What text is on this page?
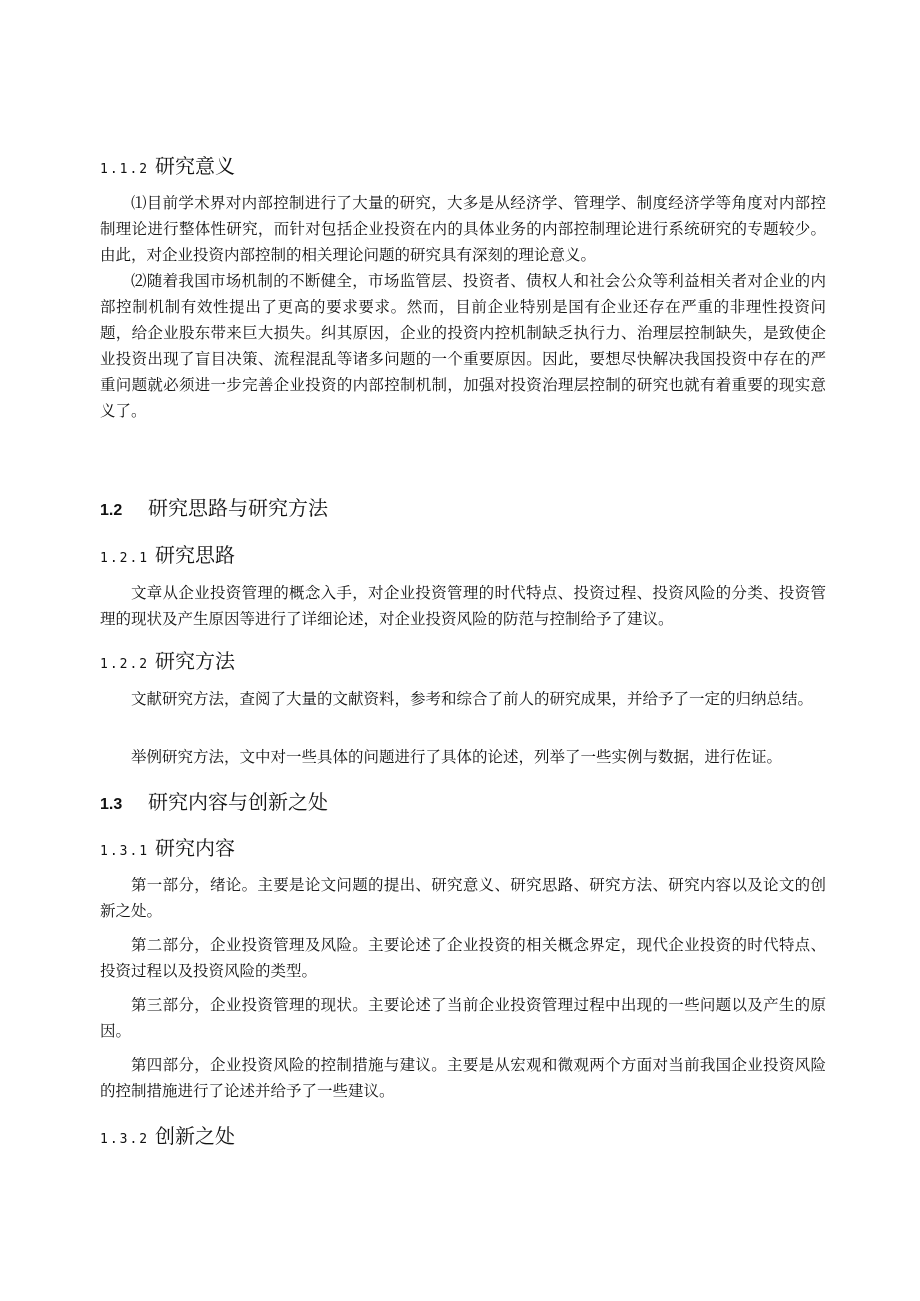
1.1.2 研究意义
⑴目前学术界对内部控制进行了大量的研究，大多是从经济学、管理学、制度经济学等角度对内部控制理论进行整体性研究，而针对包括企业投资在内的具体业务的内部控制理论进行系统研究的专题较少。由此，对企业投资内部控制的相关理论问题的研究具有深刻的理论意义。
⑵随着我国市场机制的不断健全，市场监管层、投资者、债权人和社会公众等利益相关者对企业的内部控制机制有效性提出了更高的要求要求。然而，目前企业特别是国有企业还存在严重的非理性投资问题，给企业股东带来巨大损失。纠其原因，企业的投资内控机制缺乏执行力、治理层控制缺失，是致使企业投资出现了盲目决策、流程混乱等诸多问题的一个重要原因。因此，要想尽快解决我国投资中存在的严重问题就必须进一步完善企业投资的内部控制机制，加强对投资治理层控制的研究也就有着重要的现实意义了。
1.2	研究思路与研究方法
1.2.1 研究思路
文章从企业投资管理的概念入手，对企业投资管理的时代特点、投资过程、投资风险的分类、投资管理的现状及产生原因等进行了详细论述，对企业投资风险的防范与控制给予了建议。
1.2.2 研究方法
文献研究方法，查阅了大量的文献资料，参考和综合了前人的研究成果，并给予了一定的归纳总结。
举例研究方法，文中对一些具体的问题进行了具体的论述，列举了一些实例与数据，进行佐证。
1.3	研究内容与创新之处
1.3.1 研究内容
第一部分，绪论。主要是论文问题的提出、研究意义、研究思路、研究方法、研究内容以及论文的创新之处。
第二部分，企业投资管理及风险。主要论述了企业投资的相关概念界定，现代企业投资的时代特点、投资过程以及投资风险的类型。
第三部分，企业投资管理的现状。主要论述了当前企业投资管理过程中出现的一些问题以及产生的原因。
第四部分，企业投资风险的控制措施与建议。主要是从宏观和微观两个方面对当前我国企业投资风险的控制措施进行了论述并给予了一些建议。
1.3.2 创新之处
